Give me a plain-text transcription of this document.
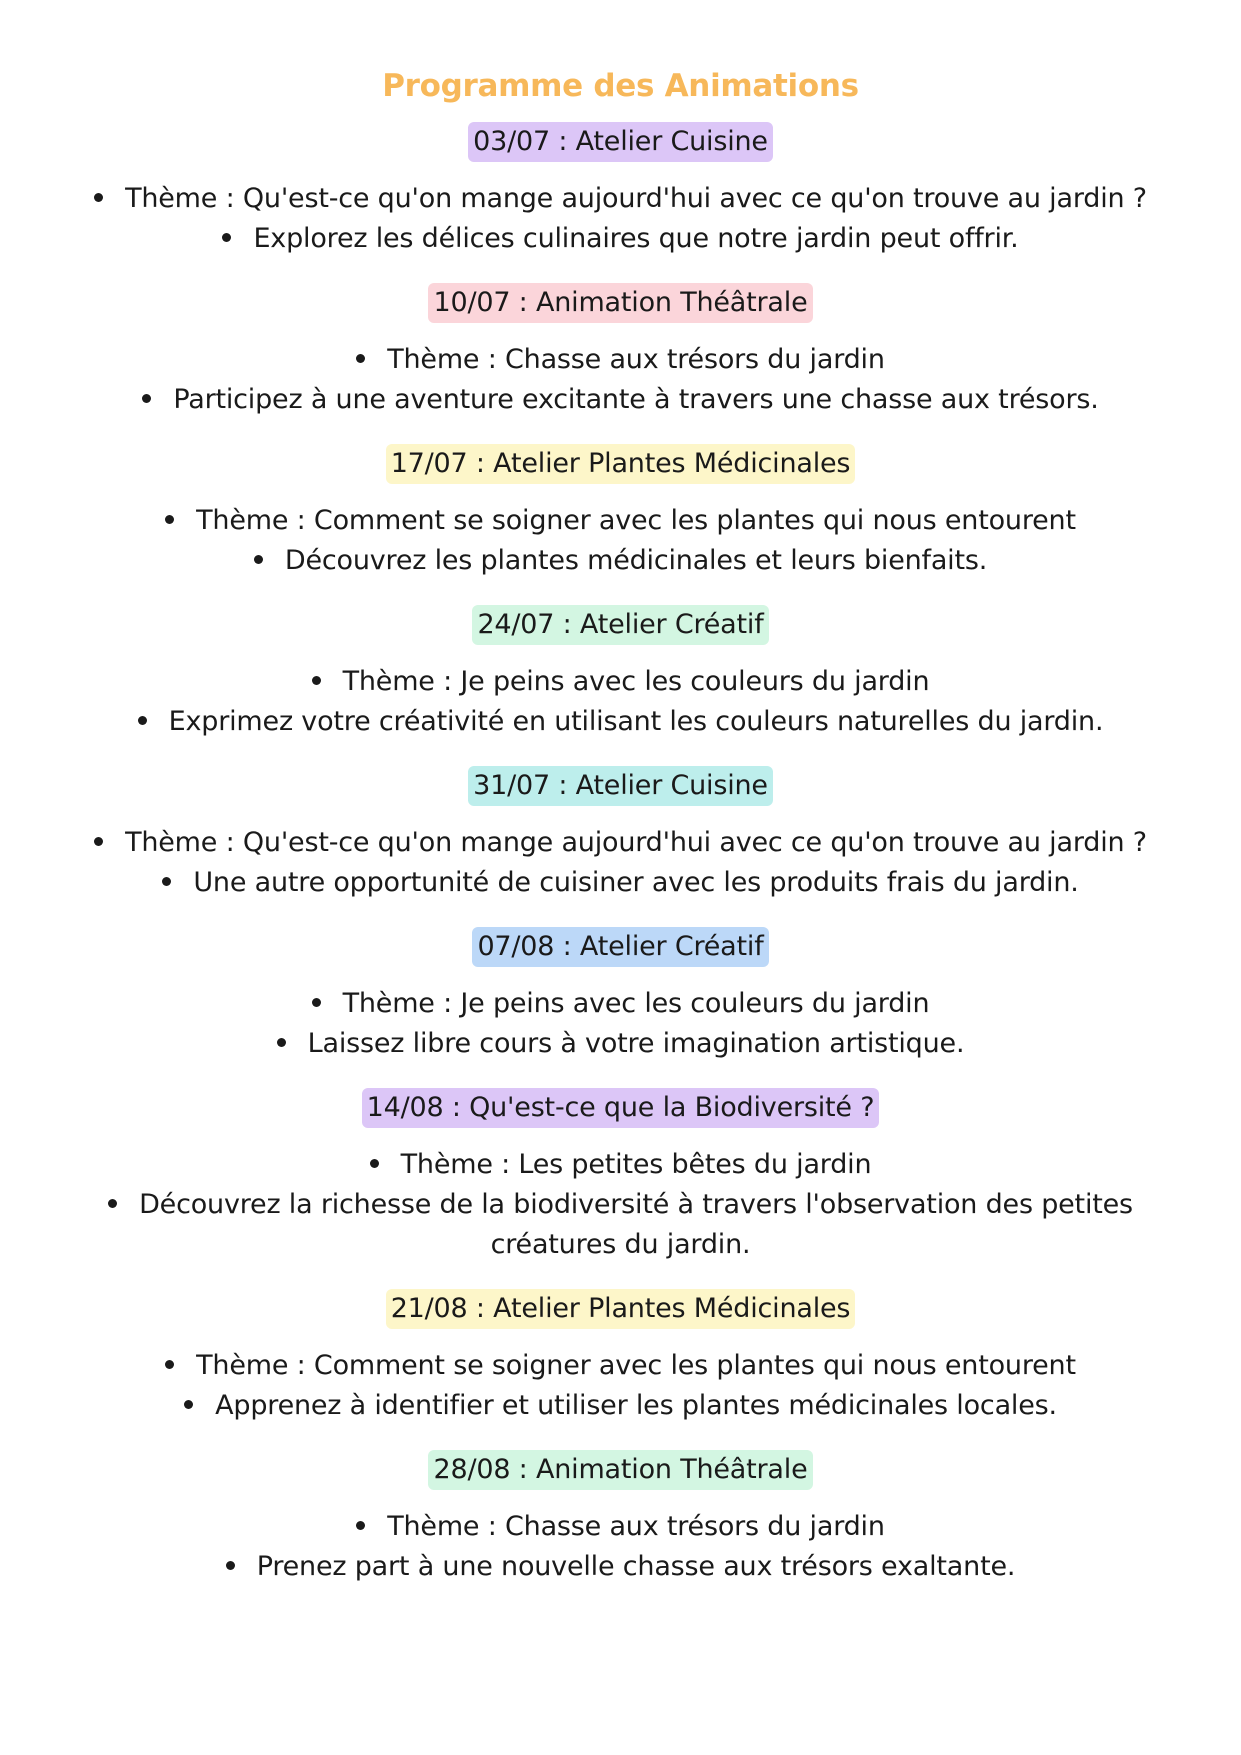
Programme des Animations
03/07 : Atelier Cuisine
Thème : Qu'est-ce qu'on mange aujourd'hui avec ce qu'on trouve au jardin ?
Explorez les délices culinaires que notre jardin peut offrir.
10/07 : Animation Théâtrale
Thème : Chasse aux trésors du jardin
Participez à une aventure excitante à travers une chasse aux trésors.
17/07 : Atelier Plantes Médicinales
Thème : Comment se soigner avec les plantes qui nous entourent
Découvrez les plantes médicinales et leurs bienfaits.
24/07 : Atelier Créatif
Thème : Je peins avec les couleurs du jardin
Exprimez votre créativité en utilisant les couleurs naturelles du jardin.
31/07 : Atelier Cuisine
Thème : Qu'est-ce qu'on mange aujourd'hui avec ce qu'on trouve au jardin ?
Une autre opportunité de cuisiner avec les produits frais du jardin.
07/08 : Atelier Créatif
Thème : Je peins avec les couleurs du jardin
Laissez libre cours à votre imagination artistique.
14/08 : Qu'est-ce que la Biodiversité ?
Thème : Les petites bêtes du jardin
Découvrez la richesse de la biodiversité à travers l'observation des petites créatures du jardin.
21/08 : Atelier Plantes Médicinales
Thème : Comment se soigner avec les plantes qui nous entourent
Apprenez à identifier et utiliser les plantes médicinales locales.
28/08 : Animation Théâtrale
Thème : Chasse aux trésors du jardin
Prenez part à une nouvelle chasse aux trésors exaltante.
